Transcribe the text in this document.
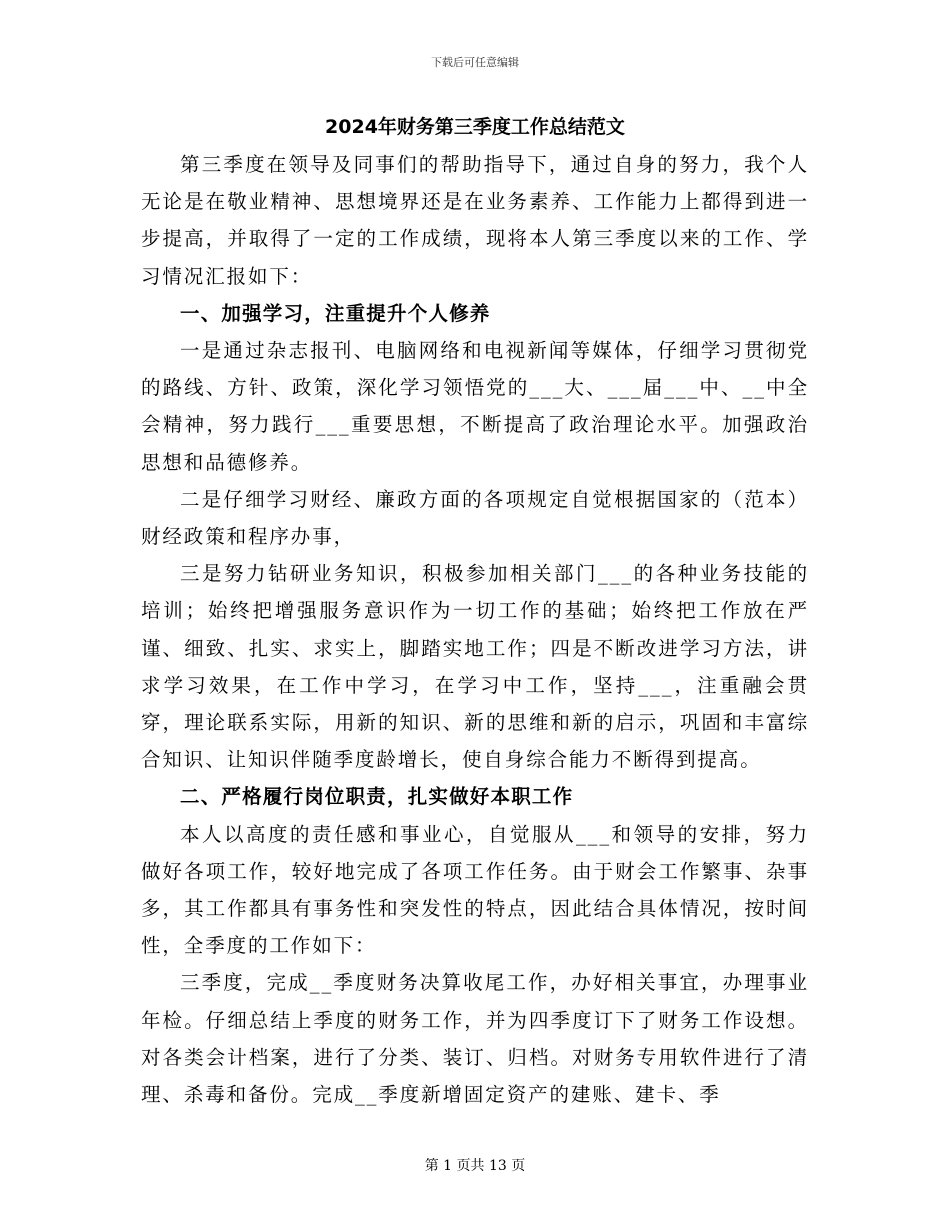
下载后可任意编辑
2024年财务第三季度工作总结范文

第三季度在领导及同事们的帮助指导下，通过自身的努力，我个人无论是在敬业精神、思想境界还是在业务素养、工作能力上都得到进一步提高，并取得了一定的工作成绩，现将本人第三季度以来的工作、学习情况汇报如下：

一、加强学习，注重提升个人修养

一是通过杂志报刊、电脑网络和电视新闻等媒体，仔细学习贯彻党的路线、方针、政策，深化学习领悟党的___大、___届___中、__中全会精神，努力践行___重要思想，不断提高了政治理论水平。加强政治思想和品德修养。

二是仔细学习财经、廉政方面的各项规定自觉根据国家的（范本）财经政策和程序办事，

三是努力钻研业务知识，积极参加相关部门___的各种业务技能的培训；始终把增强服务意识作为一切工作的基础；始终把工作放在严谨、细致、扎实、求实上，脚踏实地工作；四是不断改进学习方法，讲求学习效果，在工作中学习，在学习中工作，坚持___，注重融会贯穿，理论联系实际，用新的知识、新的思维和新的启示，巩固和丰富综合知识、让知识伴随季度龄增长，使自身综合能力不断得到提高。

二、严格履行岗位职责，扎实做好本职工作

本人以高度的责任感和事业心，自觉服从___和领导的安排，努力做好各项工作，较好地完成了各项工作任务。由于财会工作繁事、杂事多，其工作都具有事务性和突发性的特点，因此结合具体情况，按时间性，全季度的工作如下：

三季度，完成__季度财务决算收尾工作，办好相关事宜，办理事业年检。仔细总结上季度的财务工作，并为四季度订下了财务工作设想。对各类会计档案，进行了分类、装订、归档。对财务专用软件进行了清理、杀毒和备份。完成__季度新增固定资产的建账、建卡、季

第 1 页共 13 页
